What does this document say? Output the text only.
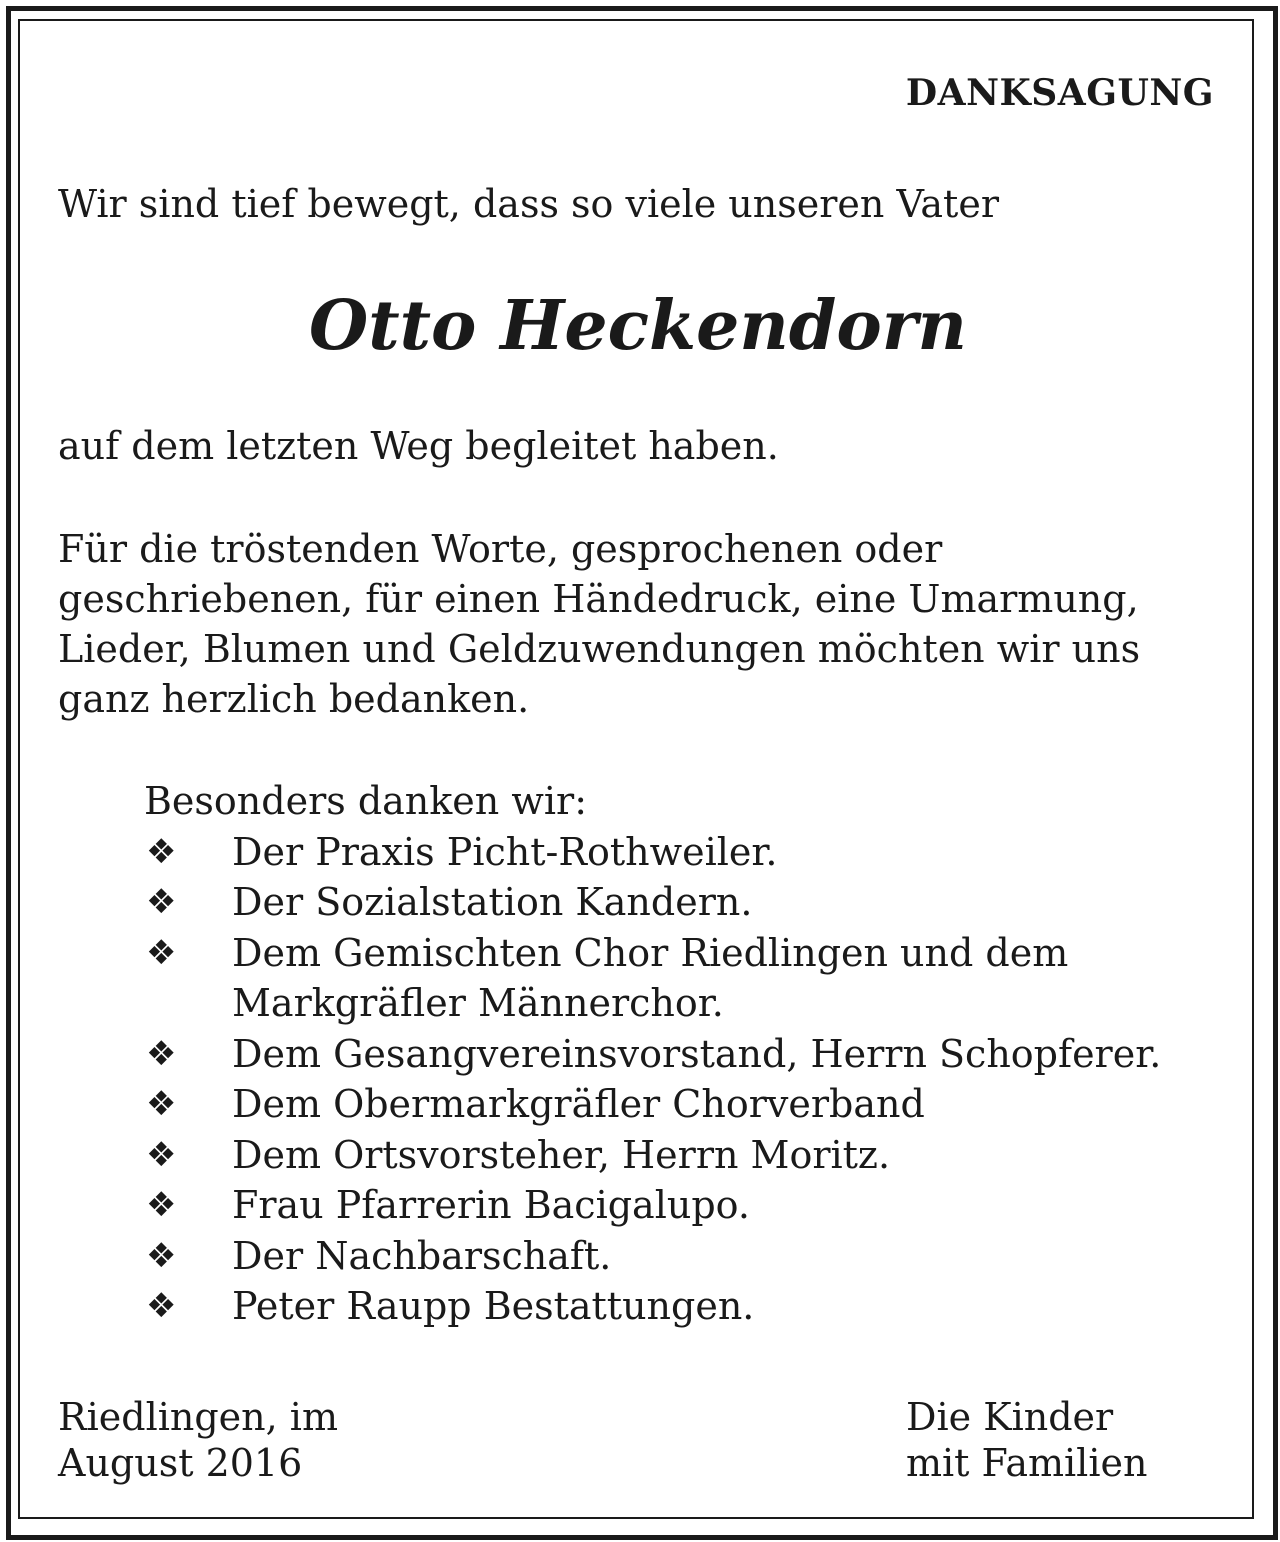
DANKSAGUNG

Wir sind tief bewegt, dass so viele unseren Vater

Otto Heckendorn

auf dem letzten Weg begleitet haben.

Für die tröstenden Worte, gesprochenen oder
geschriebenen, für einen Händedruck, eine Umarmung,
Lieder, Blumen und Geldzuwendungen möchten wir uns
ganz herzlich bedanken.

Besonders danken wir:

❖ Der Praxis Picht-Rothweiler.
❖ Der Sozialstation Kandern.
❖ Dem Gemischten Chor Riedlingen und dem
Markgräfler Männerchor.
❖ Dem Gesangvereinsvorstand, Herrn Schopferer.
❖ Dem Obermarkgräfler Chorverband
❖ Dem Ortsvorsteher, Herrn Moritz.
❖ Frau Pfarrerin Bacigalupo.
❖ Der Nachbarschaft.
❖ Peter Raupp Bestattungen.
Riedlingen, im
August 2016
Die Kinder
mit Familien
